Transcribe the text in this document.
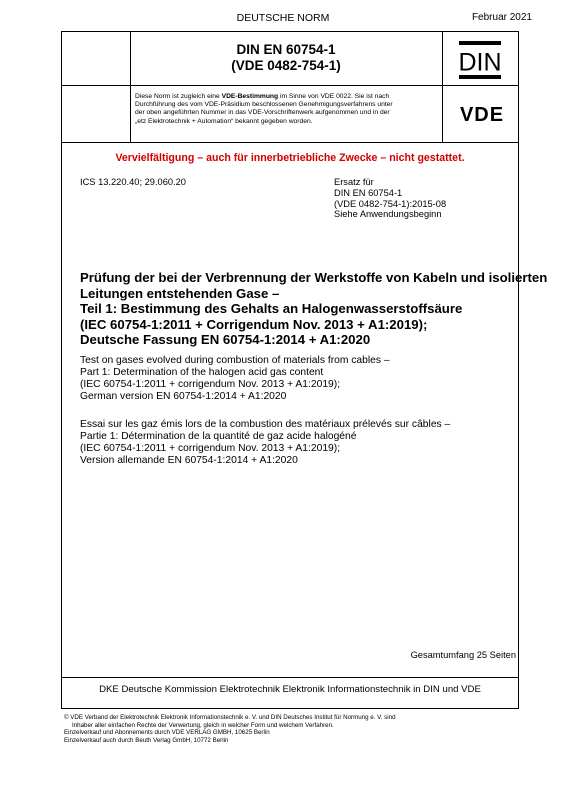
DEUTSCHE NORM	Februar 2021
DIN EN 60754-1
(VDE 0482-754-1)	DIN
VDE
Diese Norm ist zugleich eine VDE-Bestimmung im Sinne von VDE 0022. Sie ist nach
Durchführung des vom VDE-Präsidium beschlossenen Genehmigungsverfahrens unter
der oben angeführten Nummer in das VDE-Vorschriftenwerk aufgenommen und in der
„etz Elektrotechnik + Automation“ bekannt gegeben worden.
Vervielfältigung – auch für innerbetriebliche Zwecke – nicht gestattet.
ICS 13.220.40; 29.060.20	Ersatz für
DIN EN 60754-1
(VDE 0482-754-1):2015-08
Siehe Anwendungsbeginn
Prüfung der bei der Verbrennung der Werkstoffe von Kabeln und isolierten
Leitungen entstehenden Gase –
Teil 1: Bestimmung des Gehalts an Halogenwasserstoffsäure
(IEC 60754-1:2011 + Corrigendum Nov. 2013 + A1:2019);
Deutsche Fassung EN 60754-1:2014 + A1:2020
Test on gases evolved during combustion of materials from cables –
Part 1: Determination of the halogen acid gas content
(IEC 60754-1:2011 + corrigendum Nov. 2013 + A1:2019);
German version EN 60754-1:2014 + A1:2020
Essai sur les gaz émis lors de la combustion des matériaux prélevés sur câbles –
Partie 1: Détermination de la quantité de gaz acide halogéné
(IEC 60754-1:2011 + corrigendum Nov. 2013 + A1:2019);
Version allemande EN 60754-1:2014 + A1:2020
Gesamtumfang 25 Seiten
DKE Deutsche Kommission Elektrotechnik Elektronik Informationstechnik in DIN und VDE
© VDE Verband der Elektrotechnik Elektronik Informationstechnik e. V. und DIN Deutsches Institut für Normung e. V. sind
Inhaber aller einfachen Rechte der Verwertung, gleich in welcher Form und welchem Verfahren.
Einzelverkauf und Abonnements durch VDE VERLAG GMBH, 10625 Berlin
Einzelverkauf auch durch Beuth Verlag GmbH, 10772 Berlin
